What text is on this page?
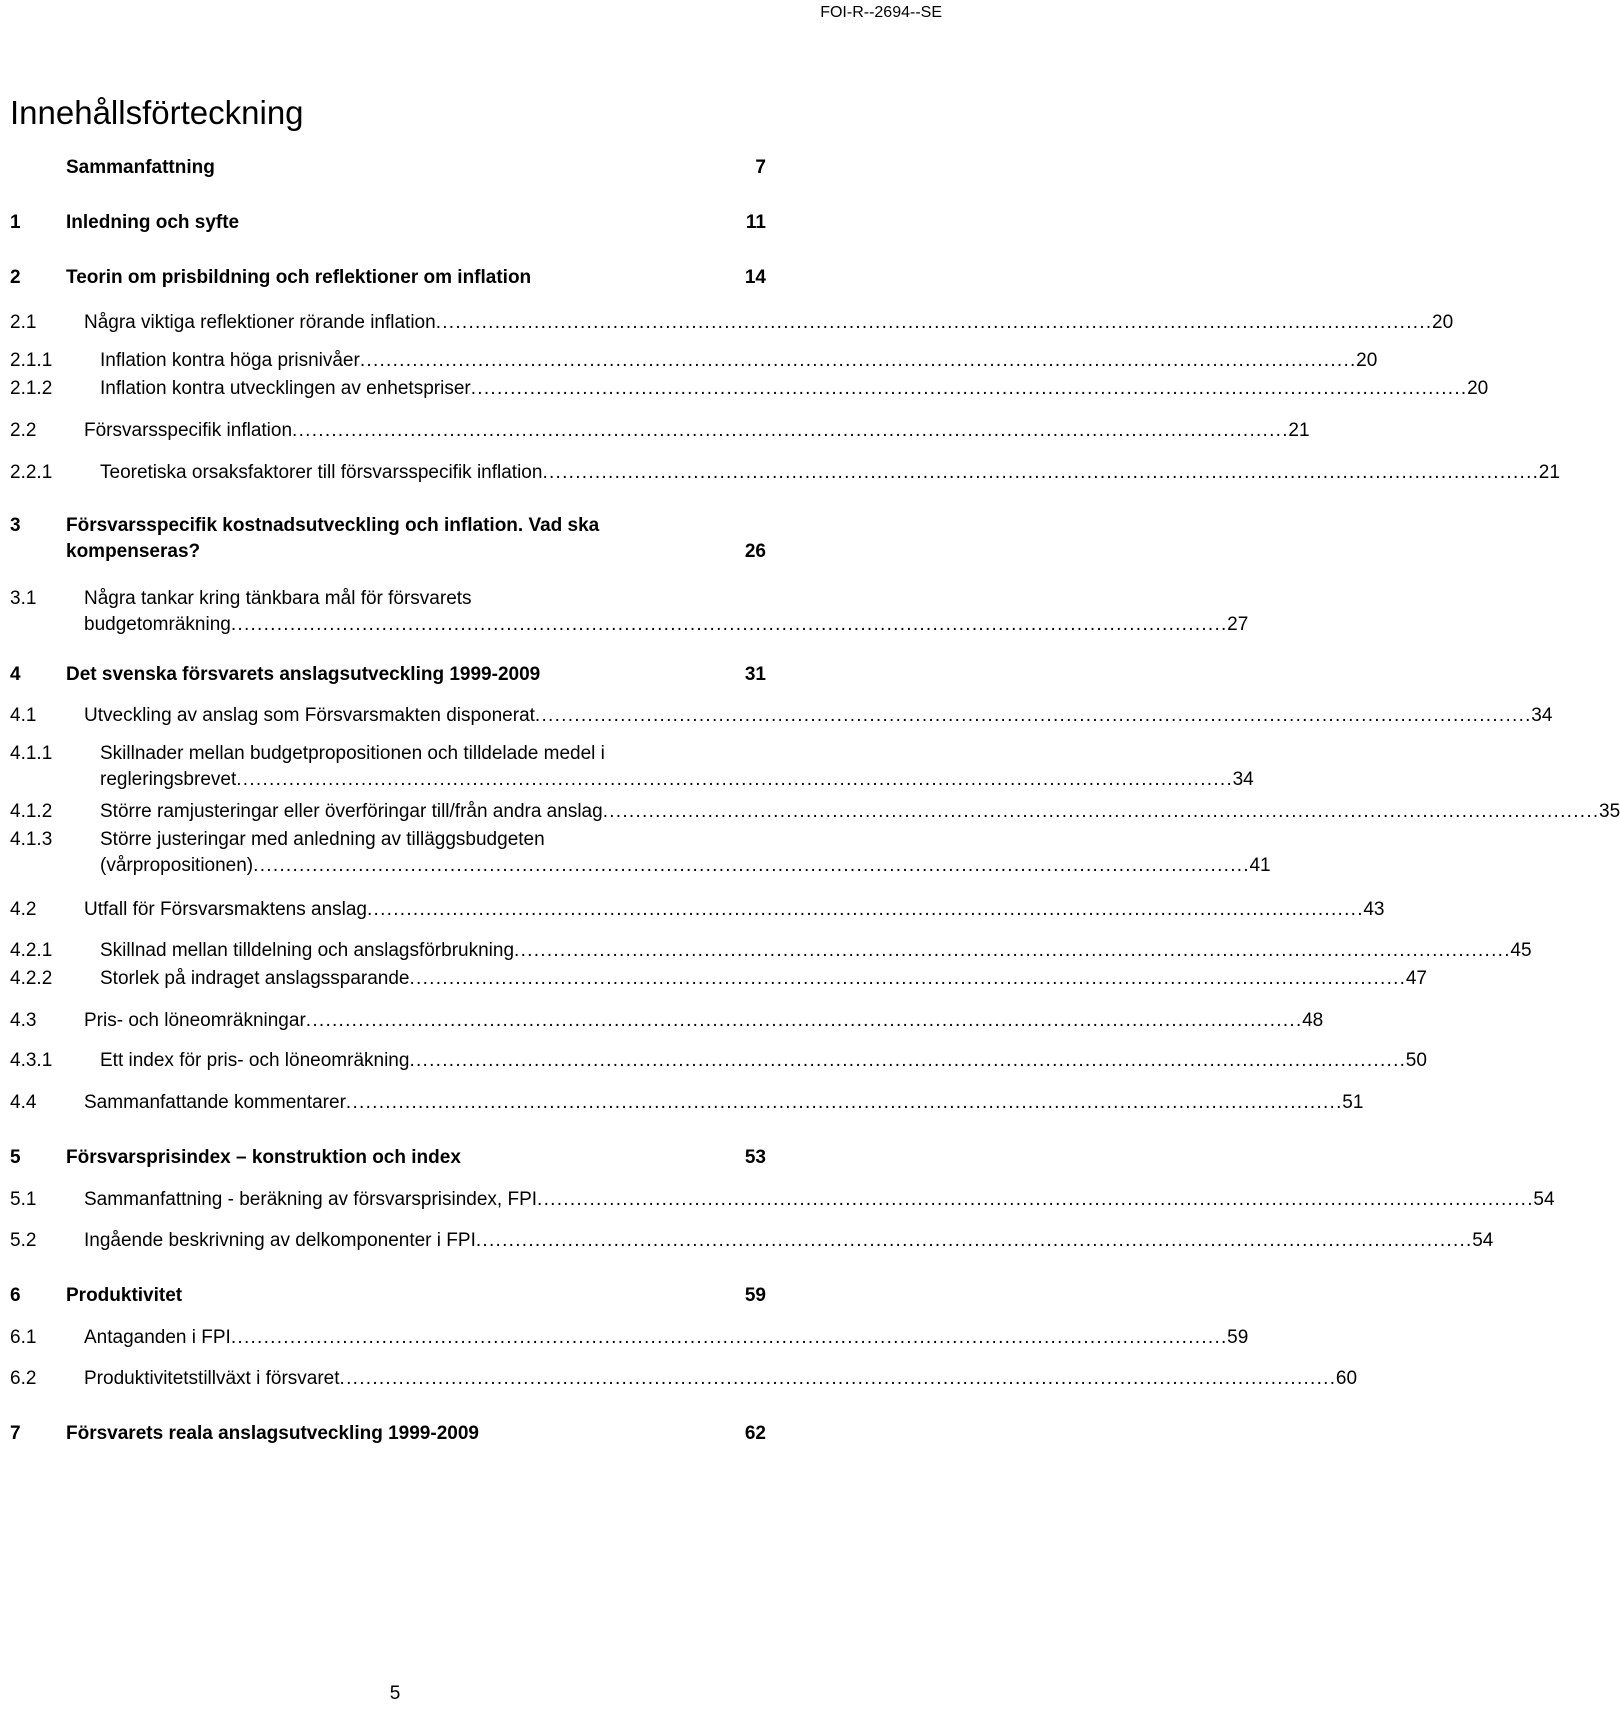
FOI-R--2694--SE
Innehållsförteckning
Sammanfattning	7
1	Inledning och syfte	11
2	Teorin om prisbildning och reflektioner om inflation	14
2.1	Några viktiga reflektioner rörande inflation . . .	20
2.1.1	Inflation kontra höga prisnivåer . . .	20
2.1.2	Inflation kontra utvecklingen av enhetspriser . . .	20
2.2	Försvarsspecifik inflation . . .	21
2.2.1	Teoretiska orsaksfaktorer till försvarsspecifik inflation . . .	21
3	Försvarsspecifik kostnadsutveckling och inflation. Vad ska
kompenseras?	26
3.1	Några tankar kring tänkbara mål för försvarets
budgetomräkning . . .	27
4	Det svenska försvarets anslagsutveckling 1999-2009	31
4.1	Utveckling av anslag som Försvarsmakten disponerat . . .	34
4.1.1	Skillnader mellan budgetpropositionen och tilldelade medel i
regleringsbrevet . . .	34
4.1.2	Större ramjusteringar eller överföringar till/från andra anslag . . .	35
4.1.3	Större justeringar med anledning av tilläggsbudgeten
(vårpropositionen) . . .	41
4.2	Utfall för Försvarsmaktens anslag . . .	43
4.2.1	Skillnad mellan tilldelning och anslagsförbrukning . . .	45
4.2.2	Storlek på indraget anslagssparande . . .	47
4.3	Pris- och löneomräkningar . . .	48
4.3.1	Ett index för pris- och löneomräkning . . .	50
4.4	Sammanfattande kommentarer . . .	51
5	Försvarsprisindex – konstruktion och index	53
5.1	Sammanfattning - beräkning av försvarsprisindex, FPI . . .	54
5.2	Ingående beskrivning av delkomponenter i FPI . . .	54
6	Produktivitet	59
6.1	Antaganden i FPI . . .	59
6.2	Produktivitetstillväxt i försvaret . . .	60
7	Försvarets reala anslagsutveckling 1999-2009	62
5
